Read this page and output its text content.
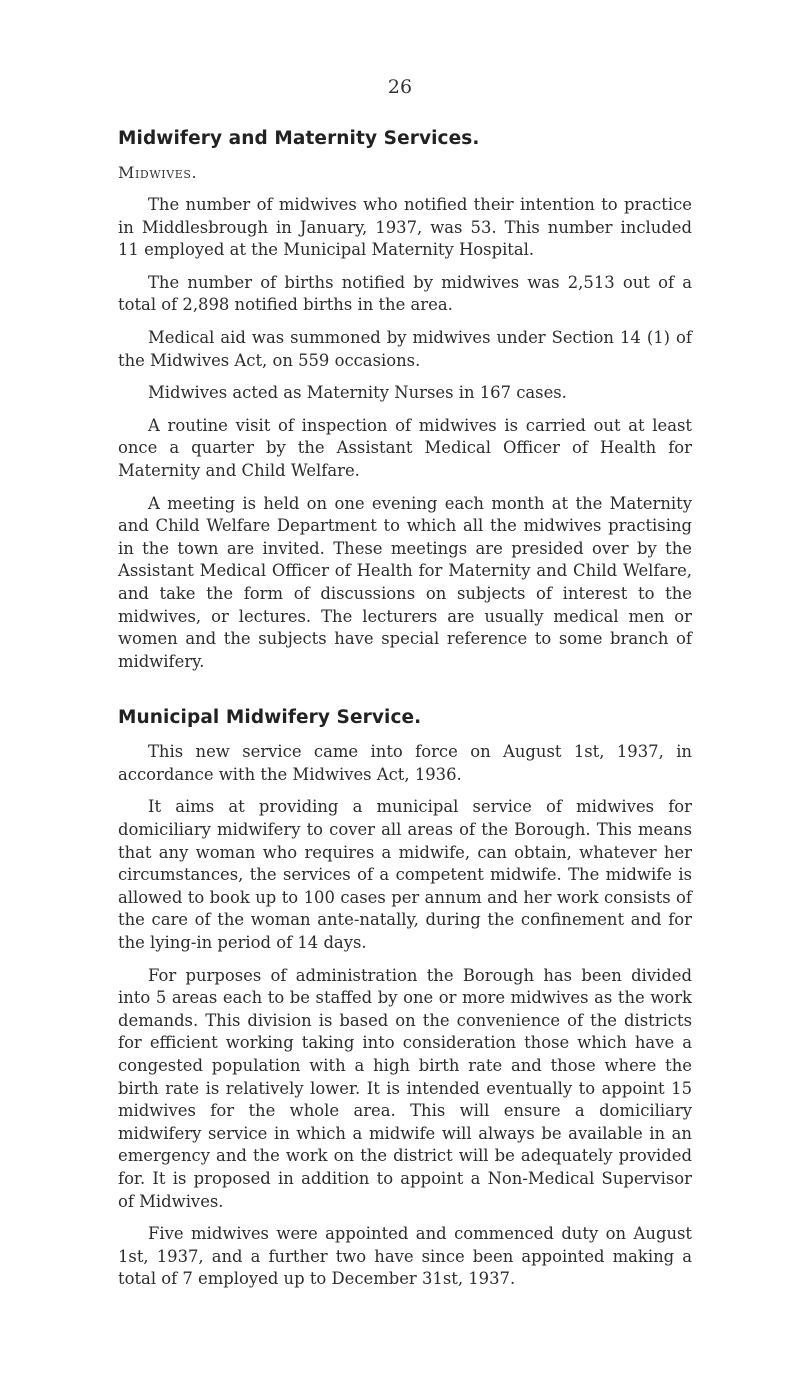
26
Midwifery and Maternity Services.
Midwives.

The number of midwives who notified their intention to practice in Middlesbrough in January, 1937, was 53. This number included 11 employed at the Municipal Maternity Hospital.

The number of births notified by midwives was 2,513 out of a total of 2,898 notified births in the area.

Medical aid was summoned by midwives under Section 14 (1) of the Midwives Act, on 559 occasions.

Midwives acted as Maternity Nurses in 167 cases.

A routine visit of inspection of midwives is carried out at least once a quarter by the Assistant Medical Officer of Health for Maternity and Child Welfare.

A meeting is held on one evening each month at the Maternity and Child Welfare Department to which all the midwives practising in the town are invited. These meetings are presided over by the Assistant Medical Officer of Health for Maternity and Child Welfare, and take the form of discussions on subjects of interest to the midwives, or lectures. The lecturers are usually medical men or women and the subjects have special reference to some branch of midwifery.

Municipal Midwifery Service.

This new service came into force on August 1st, 1937, in accordance with the Midwives Act, 1936.

It aims at providing a municipal service of midwives for domiciliary midwifery to cover all areas of the Borough. This means that any woman who requires a midwife, can obtain, whatever her circumstances, the services of a competent midwife. The midwife is allowed to book up to 100 cases per annum and her work consists of the care of the woman ante-natally, during the confinement and for the lying-in period of 14 days.

For purposes of administration the Borough has been divided into 5 areas each to be staffed by one or more midwives as the work demands. This division is based on the convenience of the districts for efficient working taking into consideration those which have a congested population with a high birth rate and those where the birth rate is relatively lower. It is intended eventually to appoint 15 midwives for the whole area. This will ensure a domiciliary midwifery service in which a midwife will always be available in an emergency and the work on the district will be adequately provided for. It is proposed in addition to appoint a Non-Medical Supervisor of Midwives.

Five midwives were appointed and commenced duty on August 1st, 1937, and a further two have since been appointed making a total of 7 employed up to December 31st, 1937.
